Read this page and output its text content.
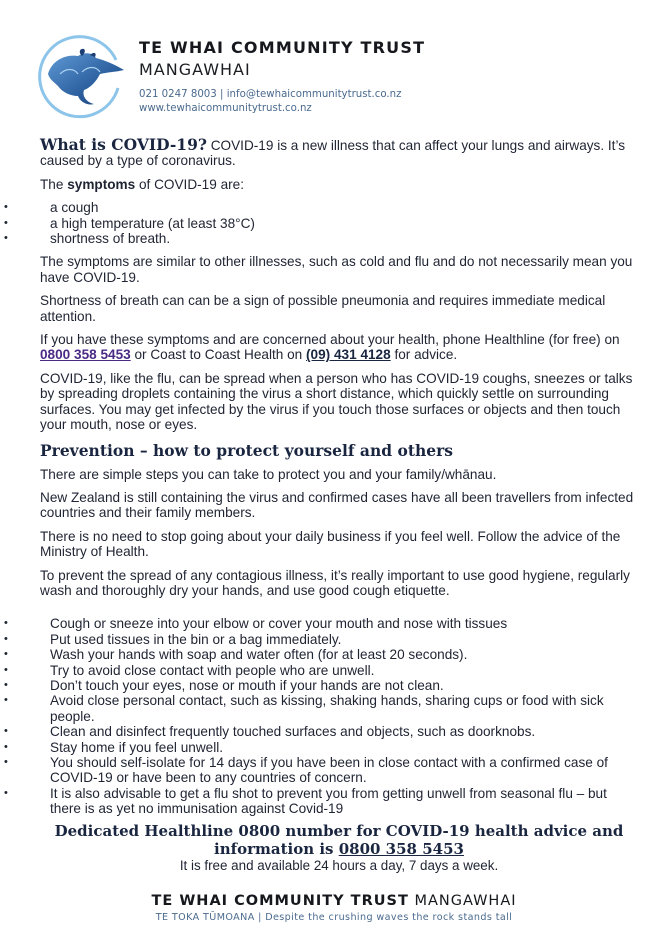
TE WHAI COMMUNITY TRUST
MANGAWHAI
021 0247 8003 | info@tewhaicommunitytrust.co.nz
www.tewhaicommunitytrust.co.nz

What is COVID-19? COVID-19 is a new illness that can affect your lungs and airways. It’s caused by a type of coronavirus.

The symptoms of COVID-19 are:

• a cough
• a high temperature (at least 38°C)
• shortness of breath.

The symptoms are similar to other illnesses, such as cold and flu and do not necessarily mean you have COVID-19.

Shortness of breath can can be a sign of possible pneumonia and requires immediate medical attention.

If you have these symptoms and are concerned about your health, phone Healthline (for free) on 0800 358 5453 or Coast to Coast Health on (09) 431 4128 for advice.

COVID-19, like the flu, can be spread when a person who has COVID-19 coughs, sneezes or talks by spreading droplets containing the virus a short distance, which quickly settle on surrounding surfaces. You may get infected by the virus if you touch those surfaces or objects and then touch your mouth, nose or eyes.

Prevention – how to protect yourself and others

There are simple steps you can take to protect you and your family/whānau.

New Zealand is still containing the virus and confirmed cases have all been travellers from infected countries and their family members.

There is no need to stop going about your daily business if you feel well. Follow the advice of the Ministry of Health.

To prevent the spread of any contagious illness, it’s really important to use good hygiene, regularly wash and thoroughly dry your hands, and use good cough etiquette.

• Cough or sneeze into your elbow or cover your mouth and nose with tissues
• Put used tissues in the bin or a bag immediately.
• Wash your hands with soap and water often (for at least 20 seconds).
• Try to avoid close contact with people who are unwell.
• Don’t touch your eyes, nose or mouth if your hands are not clean.
• Avoid close personal contact, such as kissing, shaking hands, sharing cups or food with sick people.
• Clean and disinfect frequently touched surfaces and objects, such as doorknobs.
• Stay home if you feel unwell.
• You should self-isolate for 14 days if you have been in close contact with a confirmed case of COVID-19 or have been to any countries of concern.
• It is also advisable to get a flu shot to prevent you from getting unwell from seasonal flu – but there is as yet no immunisation against Covid-19
Dedicated Healthline 0800 number for COVID-19 health advice and information is 0800 358 5453
It is free and available 24 hours a day, 7 days a week.
TE WHAI COMMUNITY TRUST MANGAWHAI
TE TOKA TŪMOANA | Despite the crushing waves the rock stands tall
